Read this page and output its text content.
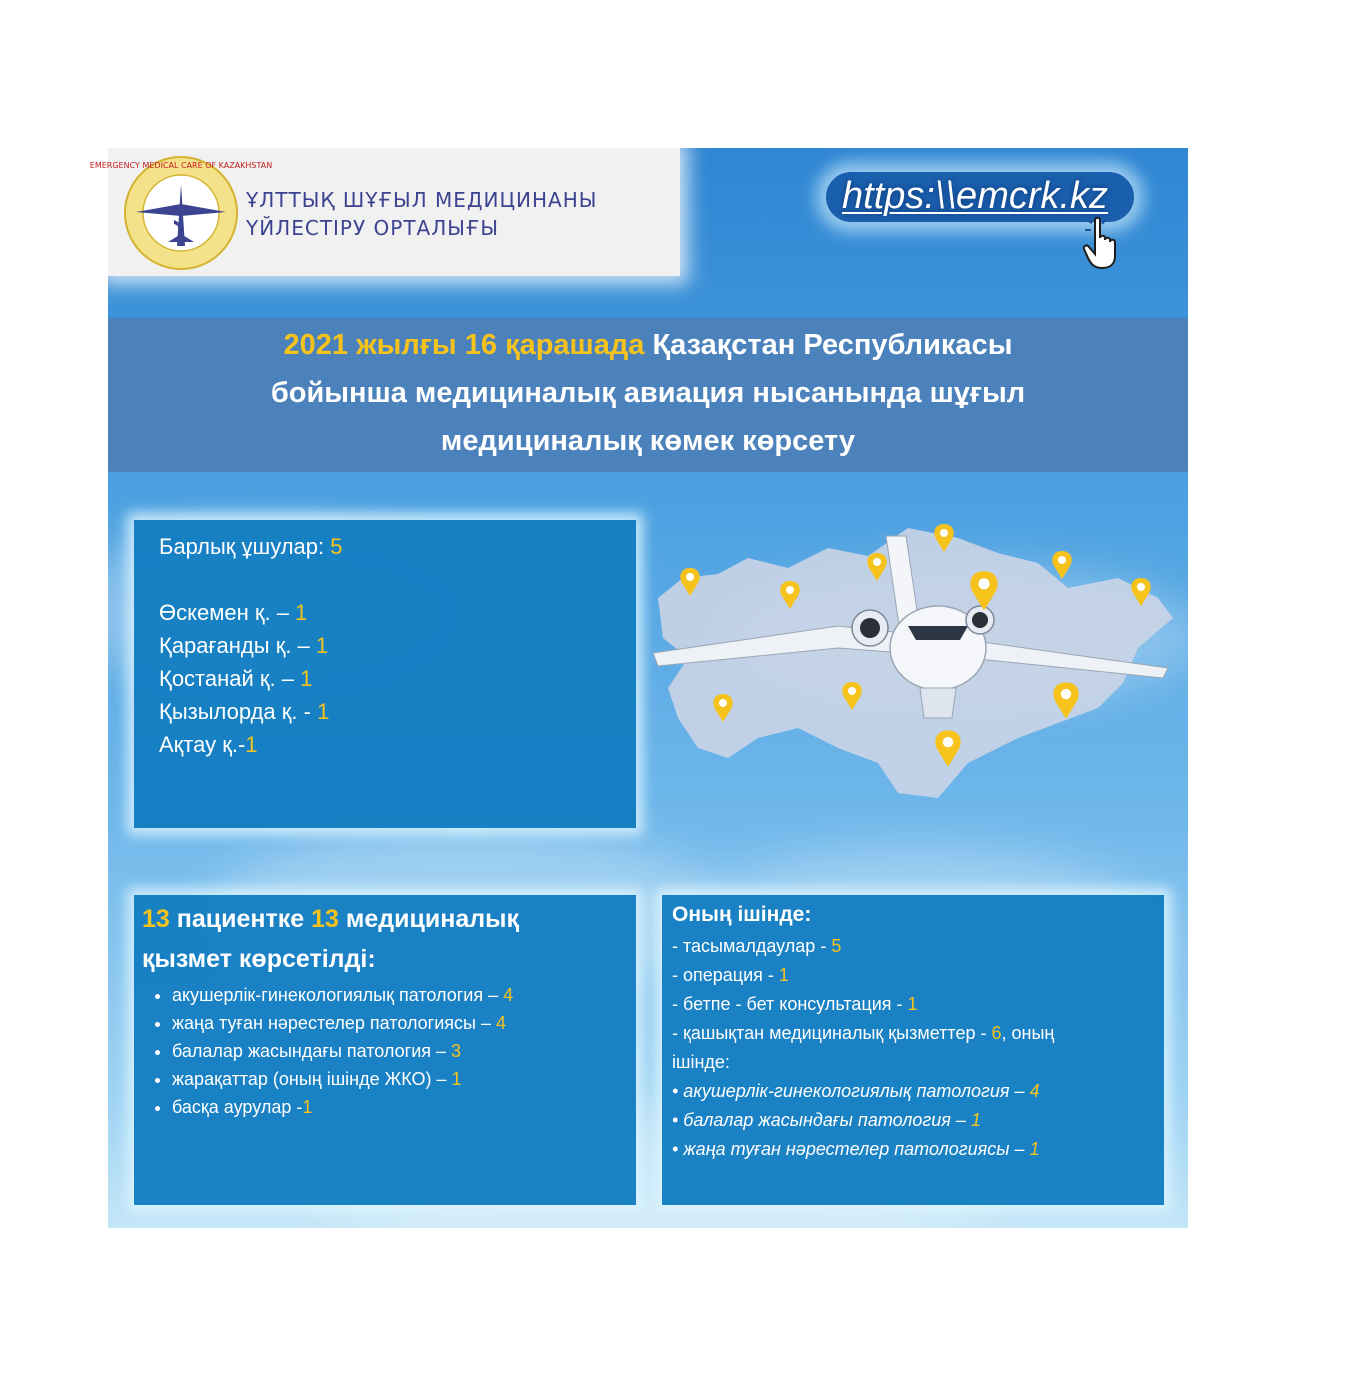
EMERGENCY MEDICAL CARE OF KAZAKHSTAN
ҰЛТТЫҚ ШҰҒЫЛ МЕДИЦИНАНЫ
ҮЙЛЕСТІРУ ОРТАЛЫҒЫ
https:\\emcrk.kz
2021 жылғы 16 қарашада Қазақстан Республикасы
бойынша медициналық авиация нысанында шұғыл
медициналық көмек көрсету
Барлық ұшулар: 5
Өскемен қ. – 1
Қарағанды қ. – 1
Қостанай қ. – 1
Қызылорда қ. - 1
Ақтау қ.-1
13 пациентке 13 медициналық
қызмет көрсетілді:
• акушерлік-гинекологиялық патология – 4
• жаңа туған нәрестелер патологиясы – 4
• балалар жасындағы патология – 3
• жарақаттар (оның ішінде ЖКО) – 1
• басқа аурулар -1
Оның ішінде:
- тасымалдаулар - 5
- операция - 1
- бетпе - бет консультация - 1
- қашықтан медициналық қызметтер - 6, оның
ішінде:
• акушерлік-гинекологиялық патология – 4
• балалар жасындағы патология – 1
• жаңа туған нәрестелер патологиясы – 1
